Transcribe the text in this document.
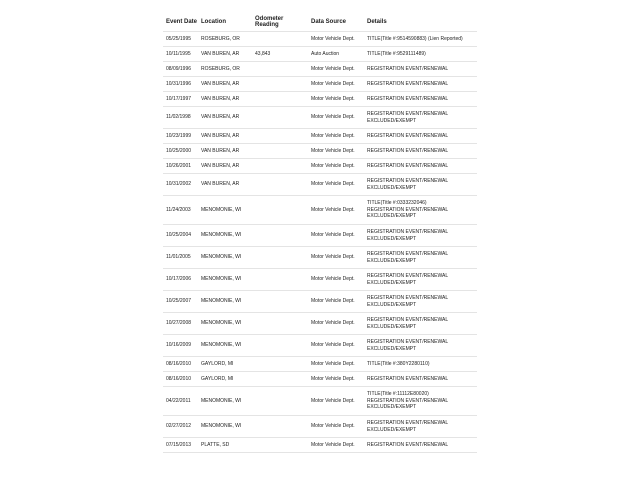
Event Date	Location	Odometer Reading	Data Source	Details
05/25/1995	ROSEBURG, OR		Motor Vehicle Dept.	TITLE(Title #:9514590883) (Lien Reported)
10/11/1995	VAN BUREN, AR	43,843	Auto Auction	TITLE(Title #:9529111489)
08/09/1996	ROSEBURG, OR		Motor Vehicle Dept.	REGISTRATION EVENT/RENEWAL
10/31/1996	VAN BUREN, AR		Motor Vehicle Dept.	REGISTRATION EVENT/RENEWAL
10/17/1997	VAN BUREN, AR		Motor Vehicle Dept.	REGISTRATION EVENT/RENEWAL
11/02/1998	VAN BUREN, AR		Motor Vehicle Dept.	REGISTRATION EVENT/RENEWAL
EXCLUDED/EXEMPT
10/23/1999	VAN BUREN, AR		Motor Vehicle Dept.	REGISTRATION EVENT/RENEWAL
10/25/2000	VAN BUREN, AR		Motor Vehicle Dept.	REGISTRATION EVENT/RENEWAL
10/26/2001	VAN BUREN, AR		Motor Vehicle Dept.	REGISTRATION EVENT/RENEWAL
10/31/2002	VAN BUREN, AR		Motor Vehicle Dept.	REGISTRATION EVENT/RENEWAL
EXCLUDED/EXEMPT
11/24/2003	MENOMONIE, WI		Motor Vehicle Dept.	TITLE(Title #:0333232046)
REGISTRATION EVENT/RENEWAL
EXCLUDED/EXEMPT
10/25/2004	MENOMONIE, WI		Motor Vehicle Dept.	REGISTRATION EVENT/RENEWAL
EXCLUDED/EXEMPT
11/01/2005	MENOMONIE, WI		Motor Vehicle Dept.	REGISTRATION EVENT/RENEWAL
EXCLUDED/EXEMPT
10/17/2006	MENOMONIE, WI		Motor Vehicle Dept.	REGISTRATION EVENT/RENEWAL
EXCLUDED/EXEMPT
10/25/2007	MENOMONIE, WI		Motor Vehicle Dept.	REGISTRATION EVENT/RENEWAL
EXCLUDED/EXEMPT
10/27/2008	MENOMONIE, WI		Motor Vehicle Dept.	REGISTRATION EVENT/RENEWAL
EXCLUDED/EXEMPT
10/16/2009	MENOMONIE, WI		Motor Vehicle Dept.	REGISTRATION EVENT/RENEWAL
EXCLUDED/EXEMPT
08/16/2010	GAYLORD, MI		Motor Vehicle Dept.	TITLE(Title #:380Y2280110)
08/16/2010	GAYLORD, MI		Motor Vehicle Dept.	REGISTRATION EVENT/RENEWAL
04/22/2011	MENOMONIE, WI		Motor Vehicle Dept.	TITLE(Title #:11112E80020)
REGISTRATION EVENT/RENEWAL
EXCLUDED/EXEMPT
02/27/2012	MENOMONIE, WI		Motor Vehicle Dept.	REGISTRATION EVENT/RENEWAL
EXCLUDED/EXEMPT
07/15/2013	PLATTE, SD		Motor Vehicle Dept.	REGISTRATION EVENT/RENEWAL
